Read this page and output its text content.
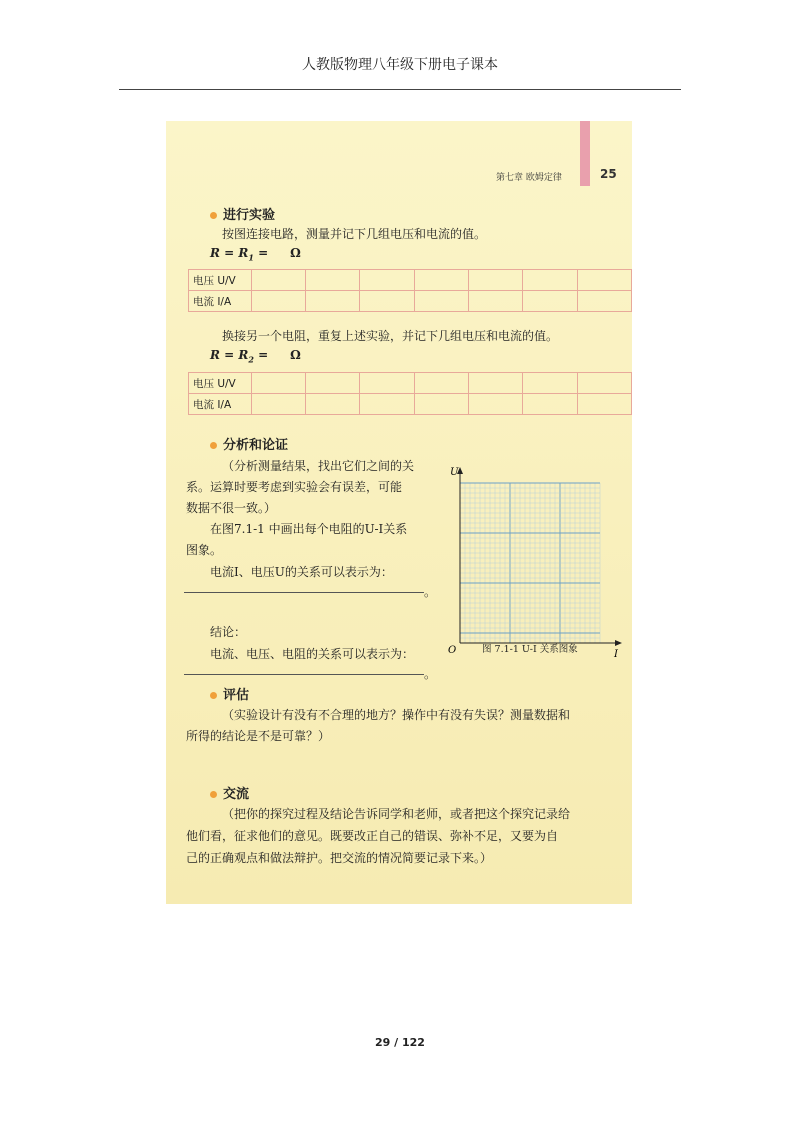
人教版物理八年级下册电子课本
第七章 欧姆定律	25
进行实验
按图连接电路，测量并记下几组电压和电流的值。
$R = R_1 = \Omega$
电压 U/V							
电流 I/A							
换接另一个电阻，重复上述实验，并记下几组电压和电流的值。
$R = R_2 = \Omega$
电压 U/V							
电流 I/A							
分析和论证
（分析测量结果，找出它们之间的关
系。运算时要考虑到实验会有误差，可能
数据不很一致。）
在图7.1-1 中画出每个电阻的U-I关系
图象。
电流I、电压U的关系可以表示为：
。
结论：
电流、电压、电阻的关系可以表示为：
。
U
I
O	图 7.1-1 U-I 关系图象
评估
（实验设计有没有不合理的地方？操作中有没有失误？测量数据和
所得的结论是不是可靠？）
交流
（把你的探究过程及结论告诉同学和老师，或者把这个探究记录给
他们看，征求他们的意见。既要改正自己的错误、弥补不足，又要为自
己的正确观点和做法辩护。把交流的情况简要记录下来。）
29 / 122
